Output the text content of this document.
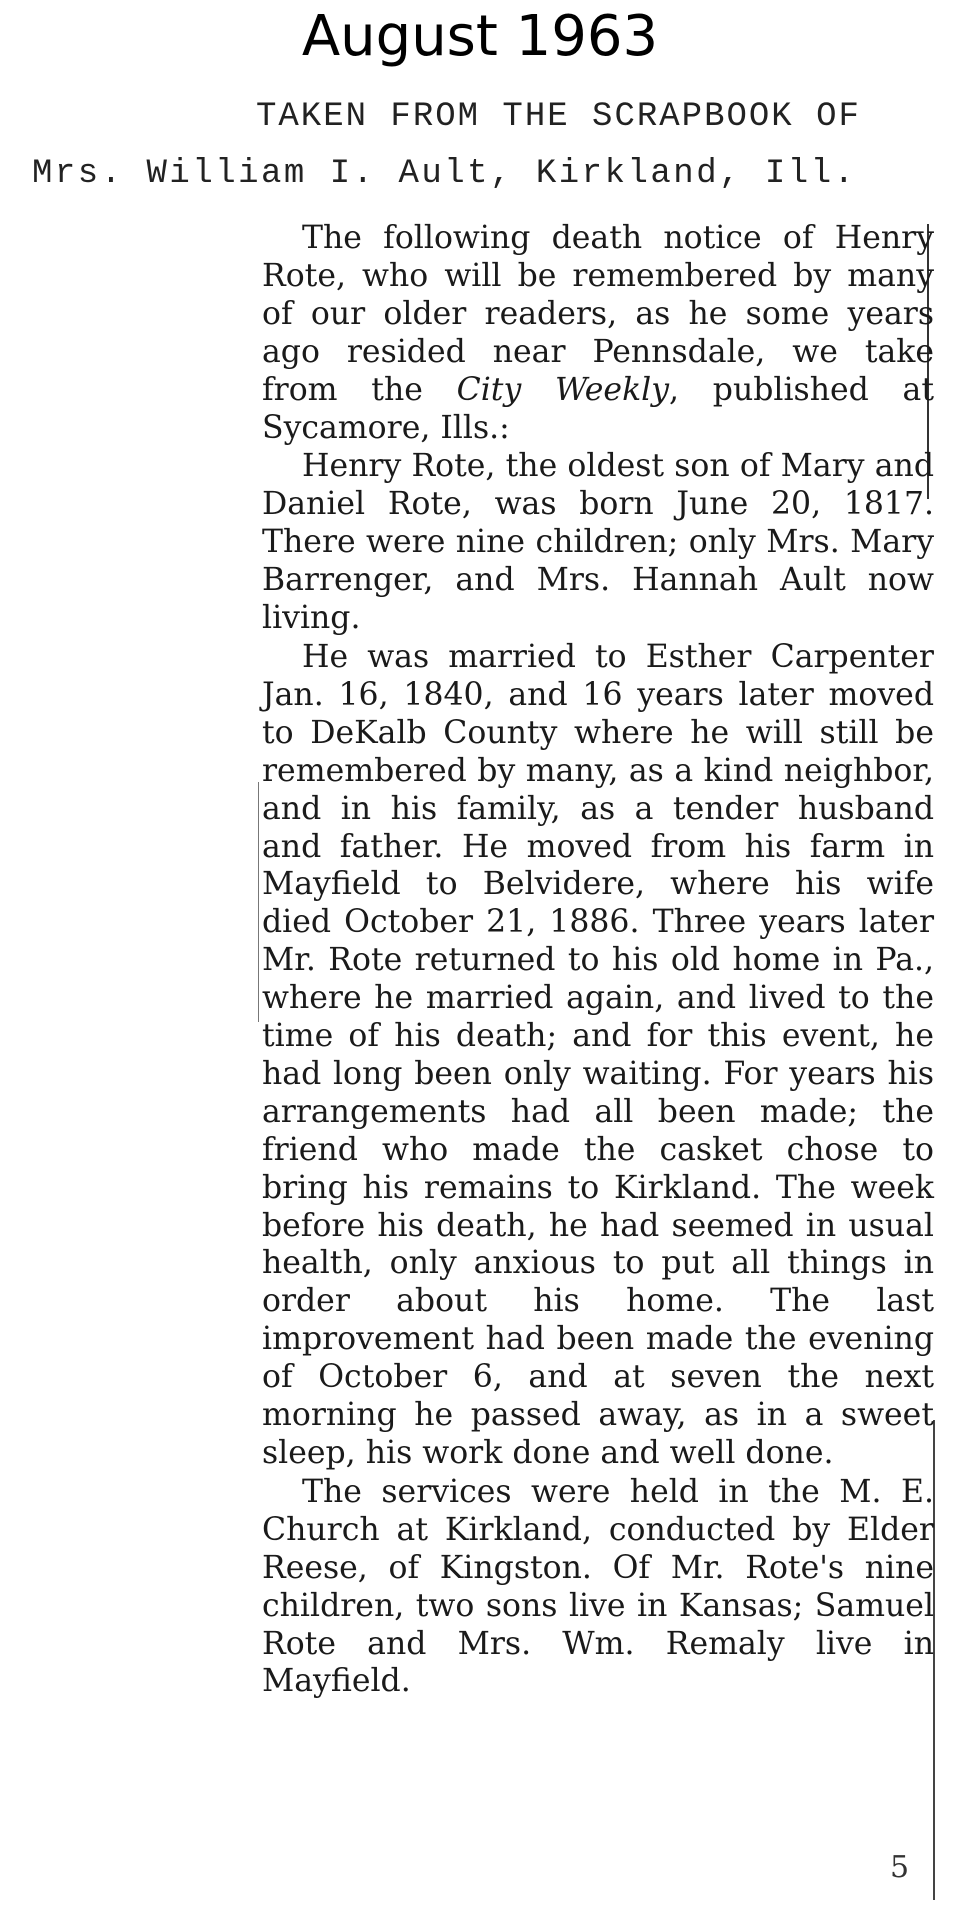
August 1963

TAKEN FROM THE SCRAPBOOK OF

Mrs. William I. Ault, Kirkland, Ill.

The following death notice of Henry Rote, who will be remembered by many of our older readers, as he some years ago resided near Pennsdale, we take from the City Weekly, published at Sycamore, Ills.:

Henry Rote, the oldest son of Mary and Daniel Rote, was born June 20, 1817. There were nine children; only Mrs. Mary Barrenger, and Mrs. Hannah Ault now living.

He was married to Esther Carpenter Jan. 16, 1840, and 16 years later moved to DeKalb County where he will still be remembered by many, as a kind neighbor, and in his family, as a tender husband and father. He moved from his farm in Mayfield to Belvidere, where his wife died October 21, 1886. Three years later Mr. Rote returned to his old home in Pa., where he married again, and lived to the time of his death; and for this event, he had long been only waiting. For years his arrangements had all been made; the friend who made the casket chose to bring his remains to Kirkland. The week before his death, he had seemed in usual health, only anxious to put all things in order about his home. The last improvement had been made the evening of October 6, and at seven the next morning he passed away, as in a sweet sleep, his work done and well done.

The services were held in the M. E. Church at Kirkland, conducted by Elder Reese, of Kingston. Of Mr. Rote's nine children, two sons live in Kansas; Samuel Rote and Mrs. Wm. Remaly live in Mayfield.

5
